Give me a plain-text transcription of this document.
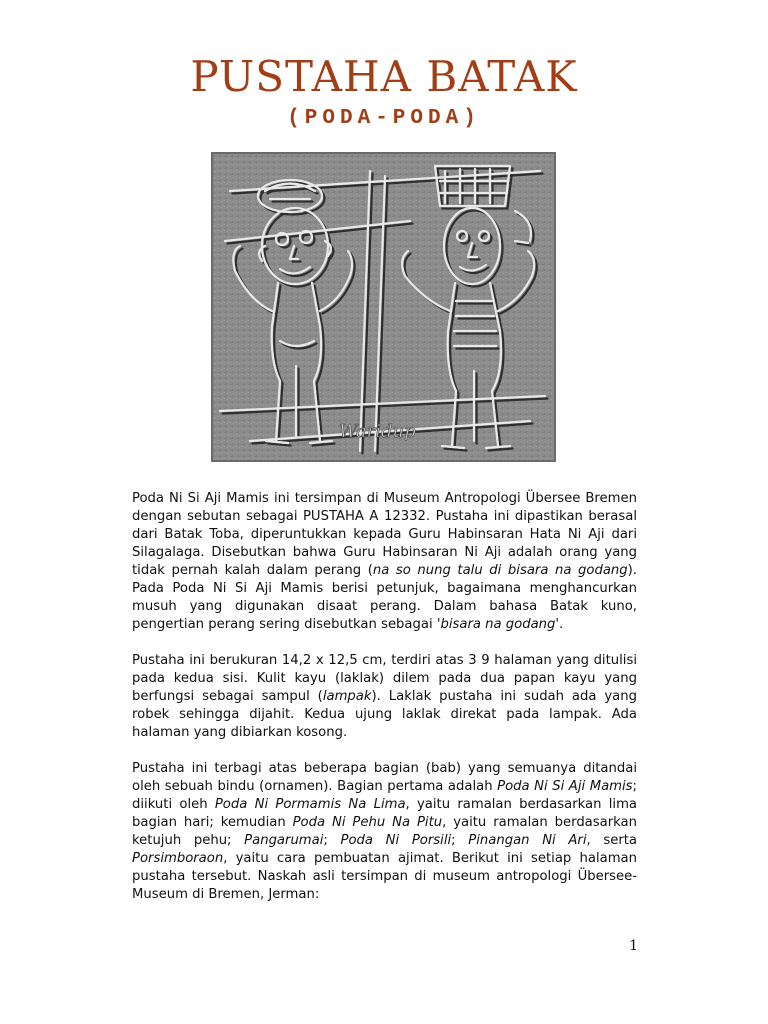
PUSTAHA BATAK
(PODA-PODA)
Waridup

Poda Ni Si Aji Mamis ini tersimpan di Museum Antropologi Übersee Bremen dengan sebutan sebagai PUSTAHA A 12332. Pustaha ini dipastikan berasal dari Batak Toba, diperuntukkan kepada Guru Habinsaran Hata Ni Aji dari Silagalaga. Disebutkan bahwa Guru Habinsaran Ni Aji adalah orang yang tidak pernah kalah dalam perang (na so nung talu di bisara na godang). Pada Poda Ni Si Aji Mamis berisi petunjuk, bagaimana menghancurkan musuh yang digunakan disaat perang. Dalam bahasa Batak kuno, pengertian perang sering disebutkan sebagai 'bisara na godang'.

Pustaha ini berukuran 14,2 x 12,5 cm, terdiri atas 3 9 halaman yang ditulisi pada kedua sisi. Kulit kayu (laklak) dilem pada dua papan kayu yang berfungsi sebagai sampul (lampak). Laklak pustaha ini sudah ada yang robek sehingga dijahit. Kedua ujung laklak direkat pada lampak. Ada halaman yang dibiarkan kosong.

Pustaha ini terbagi atas beberapa bagian (bab) yang semuanya ditandai oleh sebuah bindu (ornamen). Bagian pertama adalah Poda Ni Si Aji Mamis; diikuti oleh Poda Ni Pormamis Na Lima, yaitu ramalan berdasarkan lima bagian hari; kemudian Poda Ni Pehu Na Pitu, yaitu ramalan berdasarkan ketujuh pehu; Pangarumai; Poda Ni Porsili; Pinangan Ni Ari, serta Porsimboraon, yaitu cara pembuatan ajimat. Berikut ini setiap halaman pustaha tersebut. Naskah asli tersimpan di museum antropologi Übersee-Museum di Bremen, Jerman:

1
